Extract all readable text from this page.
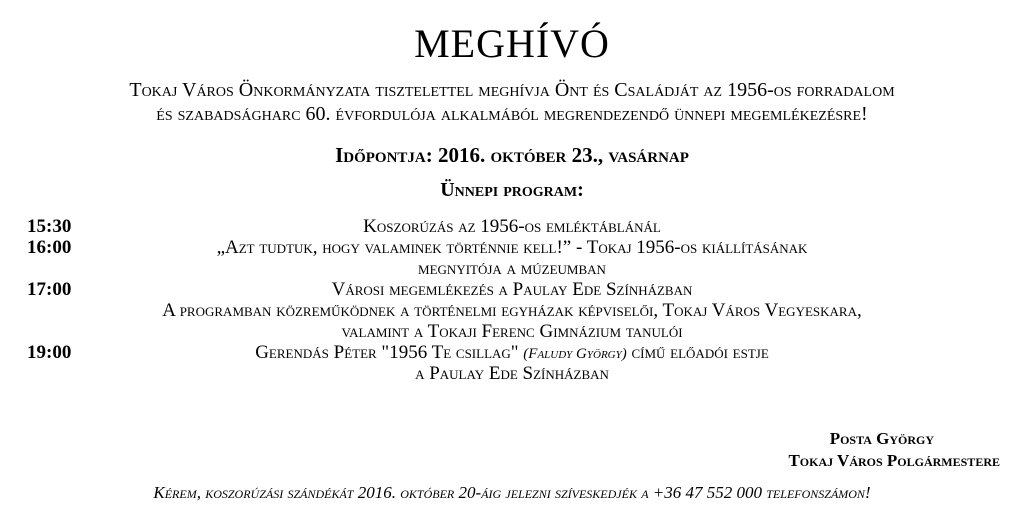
MEGHÍVÓ
Tokaj Város Önkormányzata tisztelettel meghívja Önt és Családját az 1956-os forradalom
és szabadságharc 60. évfordulója alkalmából megrendezendő ünnepi megemlékezésre!
Időpontja: 2016. október 23., vasárnap
Ünnepi program:
15:30	Koszorúzás az 1956-os emléktáblánál
16:00	„Azt tudtuk, hogy valaminek történnie kell!” - Tokaj 1956-os kiállításának
megnyitója a múzeumban
17:00	Városi megemlékezés a Paulay Ede Színházban
A programban közreműködnek a történelmi egyházak képviselői, Tokaj Város Vegyeskara,
valamint a Tokaji Ferenc Gimnázium tanulói
19:00	Gerendás Péter "1956 Te csillag" (Faludy György) című előadói estje
a Paulay Ede Színházban
Posta György
Tokaj Város Polgármestere
Kérem, koszorúzási szándékát 2016. október 20-áig jelezni szíveskedjék a +36 47 552 000 telefonszámon!
